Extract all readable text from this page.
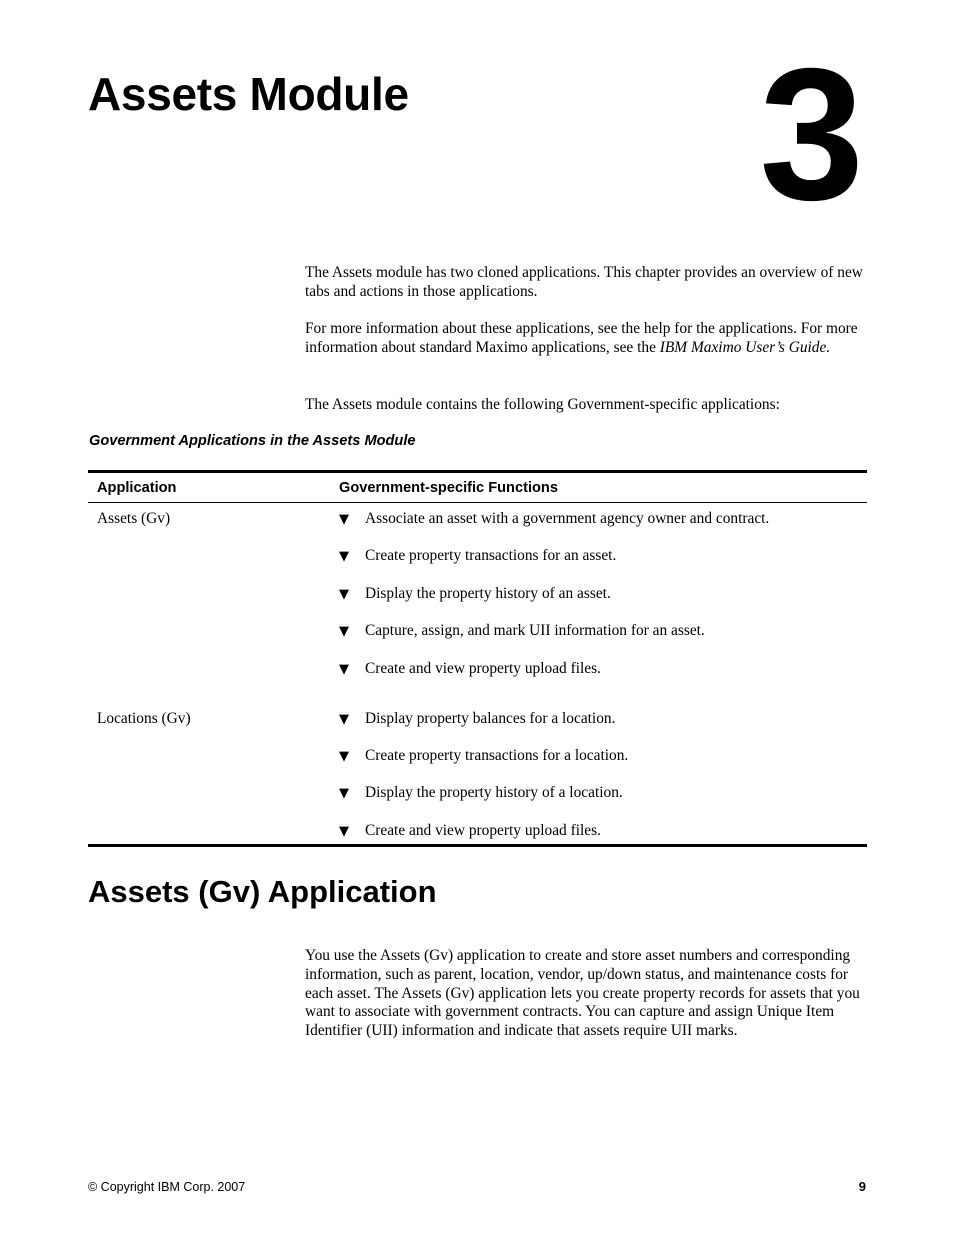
Assets Module 3

The Assets module has two cloned applications. This chapter provides an overview of new tabs and actions in those applications.

For more information about these applications, see the help for the applications. For more information about standard Maximo applications, see the IBM Maximo User’s Guide.

The Assets module contains the following Government-specific applications:

Government Applications in the Assets Module

Application	Government-specific Functions
Assets (Gv)	▼ Associate an asset with a government agency owner and contract.
▼ Create property transactions for an asset.
▼ Display the property history of an asset.
▼ Capture, assign, and mark UII information for an asset.
▼ Create and view property upload files.
Locations (Gv)	▼ Display property balances for a location.
▼ Create property transactions for a location.
▼ Display the property history of a location.
▼ Create and view property upload files.
Assets (Gv) Application

You use the Assets (Gv) application to create and store asset numbers and corresponding information, such as parent, location, vendor, up/down status, and maintenance costs for each asset. The Assets (Gv) application lets you create property records for assets that you want to associate with government contracts. You can capture and assign Unique Item Identifier (UII) information and indicate that assets require UII marks.

© Copyright IBM Corp. 2007	9
